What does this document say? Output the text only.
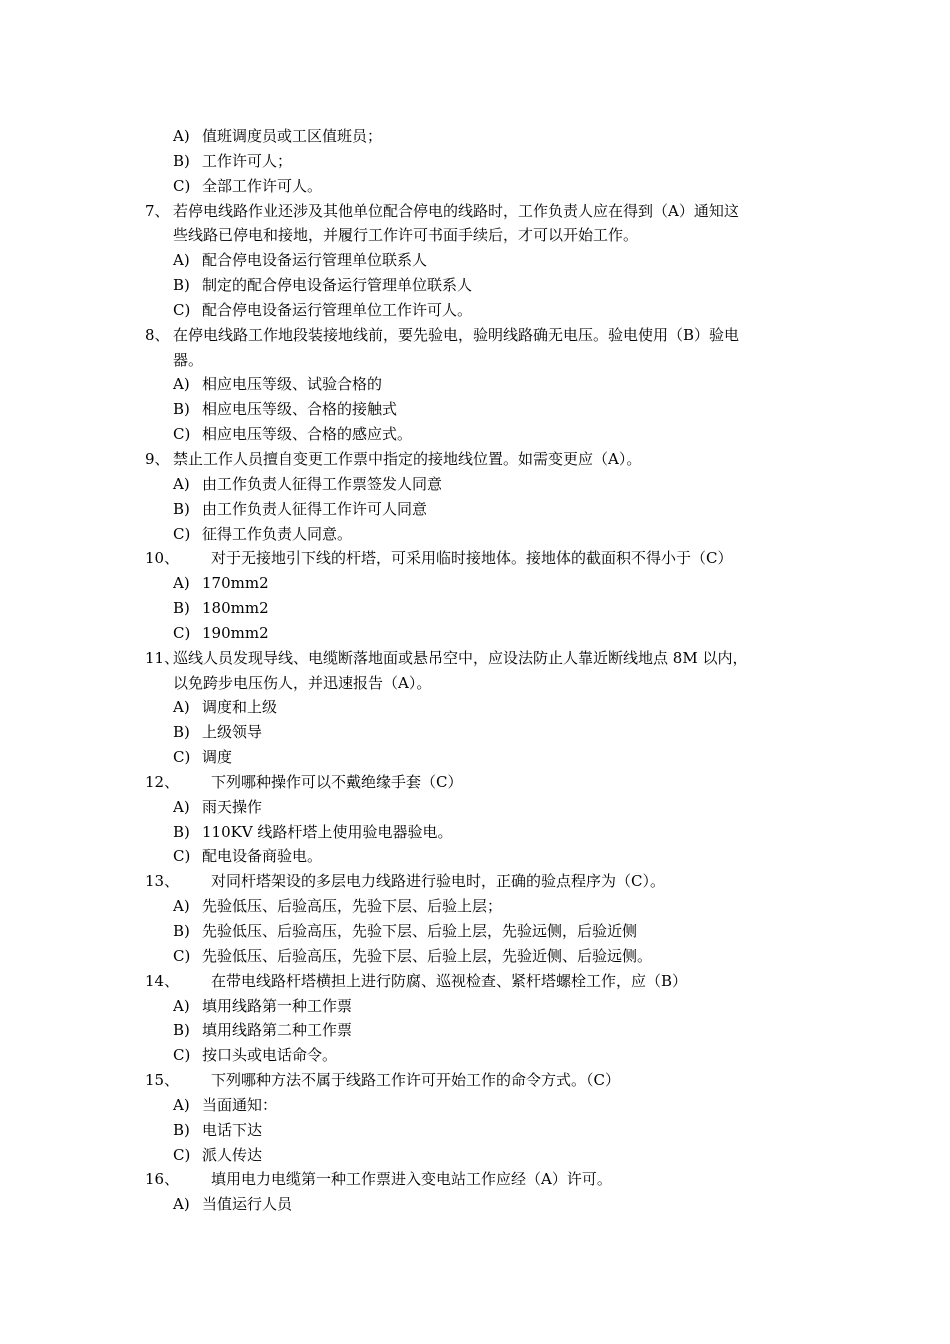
A) 值班调度员或工区值班员；
B) 工作许可人；
C) 全部工作许可人。
7、 若停电线路作业还涉及其他单位配合停电的线路时，工作负责人应在得到（A）通知这
些线路已停电和接地，并履行工作许可书面手续后，才可以开始工作。
A) 配合停电设备运行管理单位联系人
B) 制定的配合停电设备运行管理单位联系人
C) 配合停电设备运行管理单位工作许可人。
8、 在停电线路工作地段装接地线前，要先验电，验明线路确无电压。验电使用（B）验电
器。
A) 相应电压等级、试验合格的
B) 相应电压等级、合格的接触式
C) 相应电压等级、合格的感应式。
9、 禁止工作人员擅自变更工作票中指定的接地线位置。如需变更应（A）。
A) 由工作负责人征得工作票签发人同意
B) 由工作负责人征得工作许可人同意
C) 征得工作负责人同意。
10、 对于无接地引下线的杆塔，可采用临时接地体。接地体的截面积不得小于（C）
A) 170mm2
B) 180mm2
C) 190mm2
11、
巡线人员发现导线、电缆断落地面或悬吊空中，应设法防止人靠近断线地点 8M 以内，
以免跨步电压伤人，并迅速报告（A）。
A) 调度和上级
B) 上级领导
C) 调度
12、 下列哪种操作可以不戴绝缘手套（C）
A) 雨天操作
B) 110KV 线路杆塔上使用验电器验电。
C) 配电设备商验电。
13、 对同杆塔架设的多层电力线路进行验电时，正确的验点程序为（C）。
A) 先验低压、后验高压，先验下层、后验上层；
B) 先验低压、后验高压，先验下层、后验上层，先验远侧，后验近侧
C) 先验低压、后验高压，先验下层、后验上层，先验近侧、后验远侧。
14、 在带电线路杆塔横担上进行防腐、巡视检查、紧杆塔螺栓工作，应（B）
A) 填用线路第一种工作票
B) 填用线路第二种工作票
C) 按口头或电话命令。
15、 下列哪种方法不属于线路工作许可开始工作的命令方式。（C）
A) 当面通知：
B) 电话下达
C) 派人传达
16、 填用电力电缆第一种工作票进入变电站工作应经（A）许可。
A) 当值运行人员
